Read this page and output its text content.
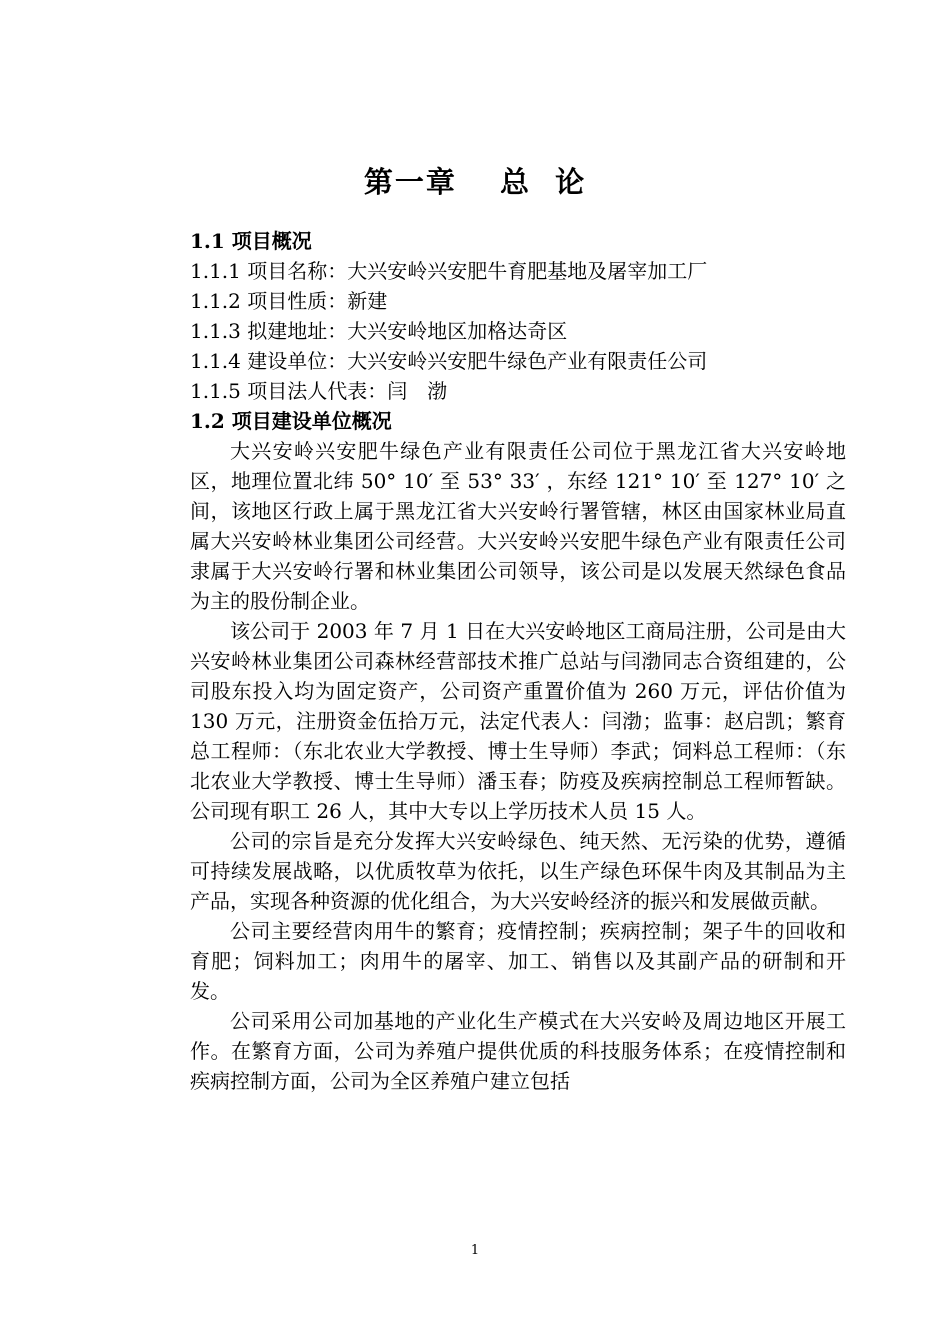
第一章　 总  论
1.1 项目概况
1.1.1 项目名称：大兴安岭兴安肥牛育肥基地及屠宰加工厂
1.1.2 项目性质：新建
1.1.3 拟建地址：大兴安岭地区加格达奇区
1.1.4 建设单位：大兴安岭兴安肥牛绿色产业有限责任公司
1.1.5 项目法人代表：闫　渤
1.2 项目建设单位概况

大兴安岭兴安肥牛绿色产业有限责任公司位于黑龙江省大兴安岭地区，地理位置北纬 50° 10′ 至 53° 33′ ，东经 121° 10′ 至 127° 10′ 之间，该地区行政上属于黑龙江省大兴安岭行署管辖，林区由国家林业局直属大兴安岭林业集团公司经营。大兴安岭兴安肥牛绿色产业有限责任公司隶属于大兴安岭行署和林业集团公司领导，该公司是以发展天然绿色食品为主的股份制企业。

该公司于 2003 年 7 月 1 日在大兴安岭地区工商局注册，公司是由大兴安岭林业集团公司森林经营部技术推广总站与闫渤同志合资组建的，公司股东投入均为固定资产，公司资产重置价值为 260 万元，评估价值为 130 万元，注册资金伍拾万元，法定代表人：闫渤；监事：赵启凯；繁育总工程师：（东北农业大学教授、博士生导师）李武；饲料总工程师：（东北农业大学教授、博士生导师）潘玉春；防疫及疾病控制总工程师暂缺。公司现有职工 26 人，其中大专以上学历技术人员 15 人。

公司的宗旨是充分发挥大兴安岭绿色、纯天然、无污染的优势，遵循可持续发展战略，以优质牧草为依托，以生产绿色环保牛肉及其制品为主产品，实现各种资源的优化组合，为大兴安岭经济的振兴和发展做贡献。

公司主要经营肉用牛的繁育；疫情控制；疾病控制；架子牛的回收和育肥；饲料加工；肉用牛的屠宰、加工、销售以及其副产品的研制和开发。

公司采用公司加基地的产业化生产模式在大兴安岭及周边地区开展工作。在繁育方面，公司为养殖户提供优质的科技服务体系；在疫情控制和疾病控制方面，公司为全区养殖户建立包括

1
